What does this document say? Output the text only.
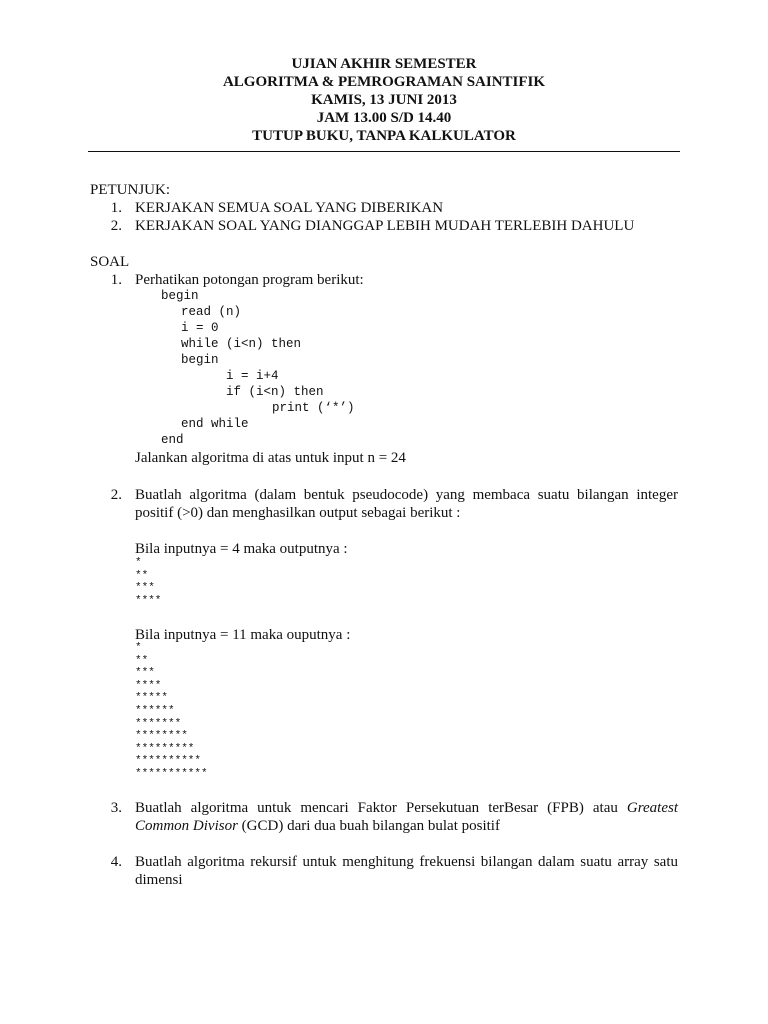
UJIAN AKHIR SEMESTER
ALGORITMA & PEMROGRAMAN SAINTIFIK
KAMIS, 13 JUNI 2013
JAM 13.00 S/D 14.40
TUTUP BUKU, TANPA KALKULATOR
PETUNJUK:
1. KERJAKAN SEMUA SOAL YANG DIBERIKAN
2. KERJAKAN SOAL YANG DIANGGAP LEBIH MUDAH TERLEBIH DAHULU
SOAL
1. Perhatikan potongan program berikut:
begin
read (n)
i = 0
while (i<n) then
begin
i = i+4
if (i<n) then
print (‘*’)
end while
end
Jalankan algoritma di atas untuk input n = 24
2. Buatlah algoritma (dalam bentuk pseudocode) yang membaca suatu bilangan integer
positif (>0) dan menghasilkan output sebagai berikut :
Bila inputnya = 4 maka outputnya :
*
**
***
****
Bila inputnya = 11 maka ouputnya :
*
**
***
****
*****
******
*******
********
*********
**********
***********
3. Buatlah algoritma untuk mencari Faktor Persekutuan terBesar (FPB) atau Greatest
Common Divisor (GCD) dari dua buah bilangan bulat positif
4. Buatlah algoritma rekursif untuk menghitung frekuensi bilangan dalam suatu array satu
dimensi
